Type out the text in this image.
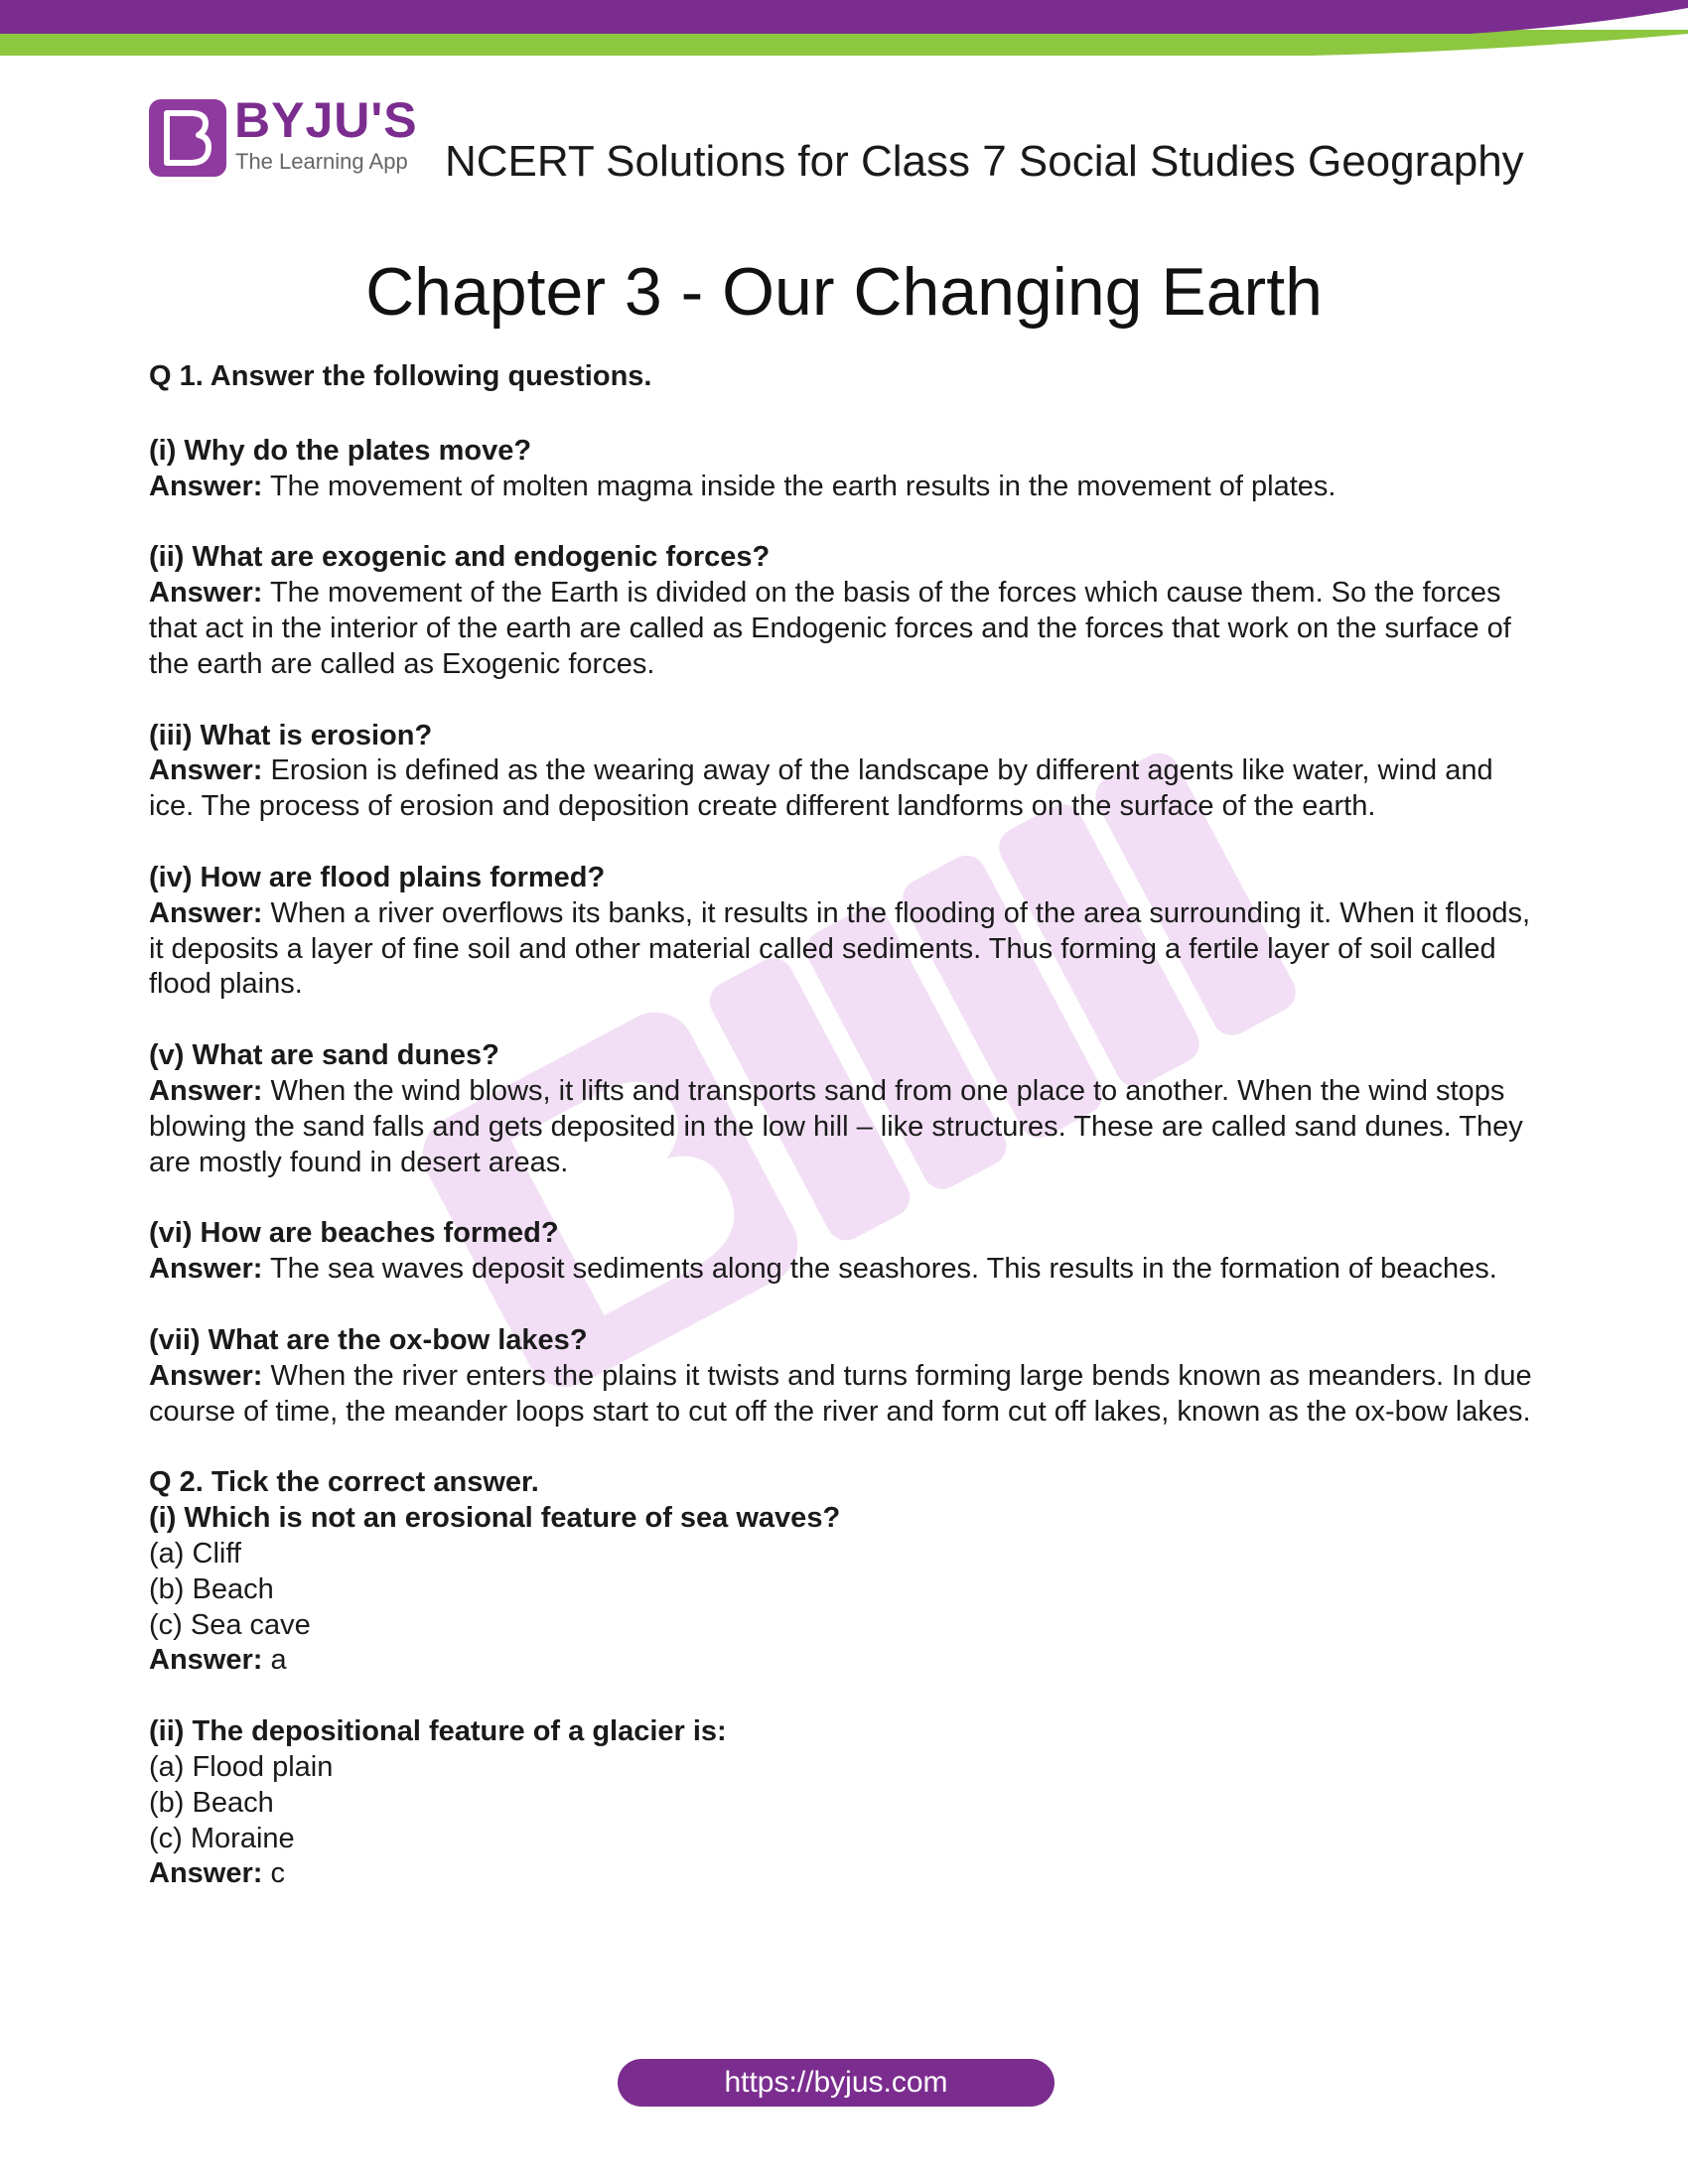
BYJU'S
The Learning App NCERT Solutions for Class 7 Social Studies Geography
Chapter 3 - Our Changing Earth
Q 1. Answer the following questions.
(i) Why do the plates move?
Answer: The movement of molten magma inside the earth results in the movement of plates.
(ii) What are exogenic and endogenic forces?
Answer: The movement of the Earth is divided on the basis of the forces which cause them. So the forces that act in the interior of the earth are called as Endogenic forces and the forces that work on the surface of the earth are called as Exogenic forces.
(iii) What is erosion?
Answer: Erosion is defined as the wearing away of the landscape by different agents like water, wind and ice. The process of erosion and deposition create different landforms on the surface of the earth.
(iv) How are flood plains formed?
Answer: When a river overflows its banks, it results in the flooding of the area surrounding it. When it floods, it deposits a layer of fine soil and other material called sediments. Thus forming a fertile layer of soil called flood plains.
(v) What are sand dunes?
Answer: When the wind blows, it lifts and transports sand from one place to another. When the wind stops blowing the sand falls and gets deposited in the low hill – like structures. These are called sand dunes. They are mostly found in desert areas.
(vi) How are beaches formed?
Answer: The sea waves deposit sediments along the seashores. This results in the formation of beaches.
(vii) What are the ox-bow lakes?
Answer: When the river enters the plains it twists and turns forming large bends known as meanders. In due course of time, the meander loops start to cut off the river and form cut off lakes, known as the ox-bow lakes.
Q 2. Tick the correct answer.
(i) Which is not an erosional feature of sea waves?
(a) Cliff
(b) Beach
(c) Sea cave
Answer: a
(ii) The depositional feature of a glacier is:
(a) Flood plain
(b) Beach
(c) Moraine
Answer: c
https://byjus.com
